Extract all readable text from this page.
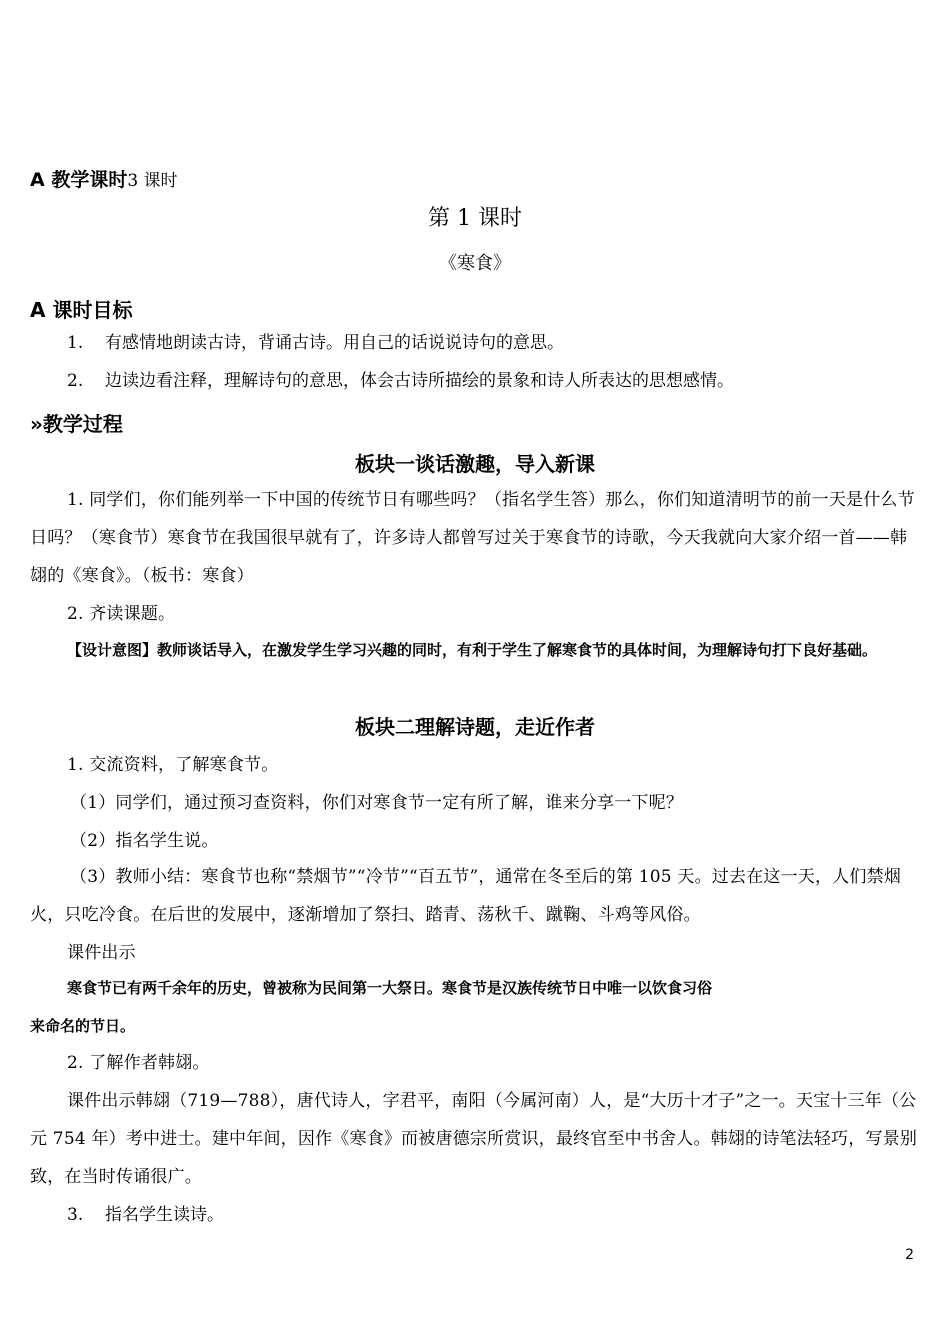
A 教学课时3 课时
第 1 课时
《寒食》
A 课时目标
1. 有感情地朗读古诗，背诵古诗。用自己的话说说诗句的意思。
2. 边读边看注释，理解诗句的意思，体会古诗所描绘的景象和诗人所表达的思想感情。
»教学过程
板块一谈话激趣，导入新课

1. 同学们，你们能列举一下中国的传统节日有哪些吗？（指名学生答）那么，你们知道清明节的前一天是什么节日吗？（寒食节）寒食节在我国很早就有了，许多诗人都曾写过关于寒食节的诗歌，今天我就向大家介绍一首——韩翃的《寒食》。（板书：寒食）

2. 齐读课题。

【设计意图】教师谈话导入，在激发学生学习兴趣的同时，有利于学生了解寒食节的具体时间，为理解诗句打下良好基础。

板块二理解诗题，走近作者

1. 交流资料，了解寒食节。

（1）同学们，通过预习查资料，你们对寒食节一定有所了解，谁来分享一下呢？

（2）指名学生说。

（3）教师小结：寒食节也称“禁烟节”“冷节”“百五节”，通常在冬至后的第 105 天。过去在这一天，人们禁烟火，只吃冷食。在后世的发展中，逐渐增加了祭扫、踏青、荡秋千、蹴鞠、斗鸡等风俗。

课件出示

寒食节已有两千余年的历史，曾被称为民间第一大祭日。寒食节是汉族传统节日中唯一以饮食习俗

来命名的节日。

2. 了解作者韩翃。

课件出示韩翃（719—788），唐代诗人，字君平，南阳（今属河南）人，是“大历十才子”之一。天宝十三年（公元 754 年）考中进士。建中年间，因作《寒食》而被唐德宗所赏识，最终官至中书舍人。韩翃的诗笔法轻巧，写景别致，在当时传诵很广。

3. 指名学生读诗。
2
